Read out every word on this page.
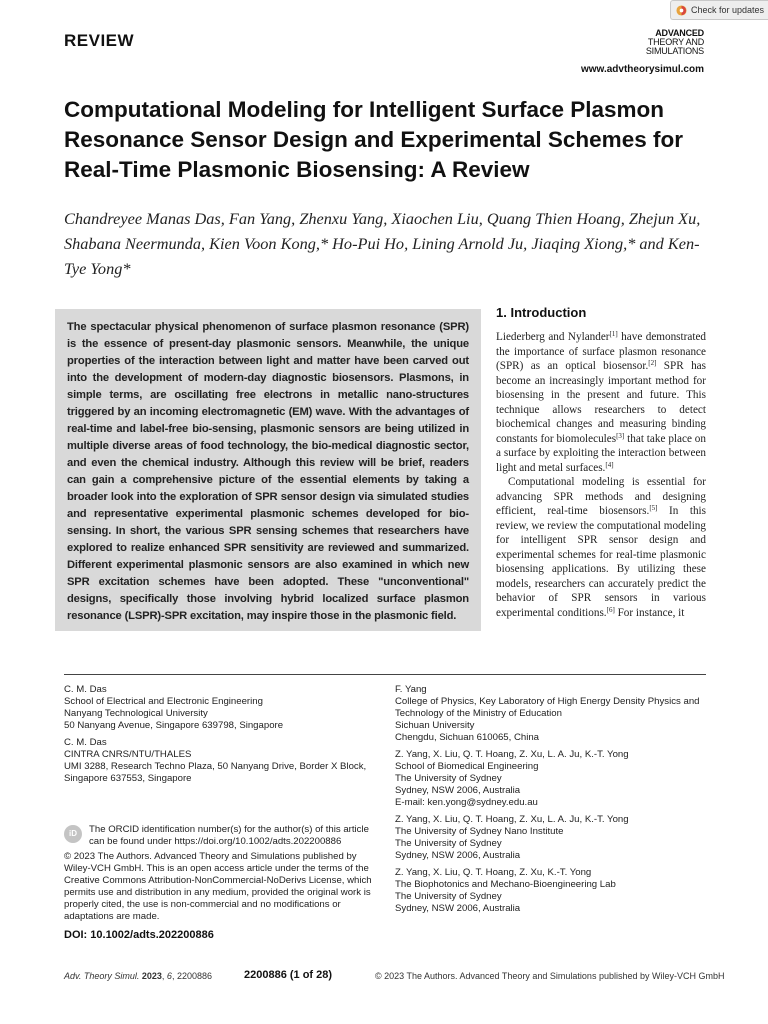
Check for updates
REVIEW	ADVANCED
THEORY AND
SIMULATIONS
www.advtheorysimul.com
Computational Modeling for Intelligent Surface Plasmon Resonance Sensor Design and Experimental Schemes for Real-Time Plasmonic Biosensing: A Review
Chandreyee Manas Das, Fan Yang, Zhenxu Yang, Xiaochen Liu, Quang Thien Hoang, Zhejun Xu, Shabana Neermunda, Kien Voon Kong,* Ho-Pui Ho, Lining Arnold Ju, Jiaqing Xiong,* and Ken-Tye Yong*
The spectacular physical phenomenon of surface plasmon resonance (SPR) is the essence of present-day plasmonic sensors. Meanwhile, the unique properties of the interaction between light and matter have been carved out into the development of modern-day diagnostic biosensors. Plasmons, in simple terms, are oscillating free electrons in metallic nano-structures triggered by an incoming electromagnetic (EM) wave. With the advantages of real-time and label-free bio-sensing, plasmonic sensors are being utilized in multiple diverse areas of food technology, the bio-medical diagnostic sector, and even the chemical industry. Although this review will be brief, readers can gain a comprehensive picture of the essential elements by taking a broader look into the exploration of SPR sensor design via simulated studies and representative experimental plasmonic schemes developed for bio-sensing. In short, the various SPR sensing schemes that researchers have explored to realize enhanced SPR sensitivity are reviewed and summarized. Different experimental plasmonic sensors are also examined in which new SPR excitation schemes have been adopted. These "unconventional" designs, specifically those involving hybrid localized surface plasmon resonance (LSPR)-SPR excitation, may inspire those in the plasmonic field.
1. Introduction

Liederberg and Nylander[1] have demonstrated the importance of surface plasmon resonance (SPR) as an optical biosensor.[2] SPR has become an increasingly important method for biosensing in the present and future. This technique allows researchers to detect biochemical changes and measuring binding constants for biomolecules[3] that take place on a surface by exploiting the interaction between light and metal surfaces.[4]

Computational modeling is essential for advancing SPR methods and designing efficient, real-time biosensors.[5] In this review, we review the computational modeling for intelligent SPR sensor design and experimental schemes for real-time plasmonic biosensing applications. By utilizing these models, researchers can accurately predict the behavior of SPR sensors in various experimental conditions.[6] For instance, it

C. M. Das
School of Electrical and Electronic Engineering
Nanyang Technological University
50 Nanyang Avenue, Singapore 639798, Singapore
C. M. Das
CINTRA CNRS/NTU/THALES
UMI 3288, Research Techno Plaza, 50 Nanyang Drive, Border X Block,
Singapore 637553, Singapore
F. Yang
College of Physics, Key Laboratory of High Energy Density Physics and
Technology of the Ministry of Education
Sichuan University
Chengdu, Sichuan 610065, China
Z. Yang, X. Liu, Q. T. Hoang, Z. Xu, L. A. Ju, K.-T. Yong
School of Biomedical Engineering
The University of Sydney
Sydney, NSW 2006, Australia
E-mail: ken.yong@sydney.edu.au
Z. Yang, X. Liu, Q. T. Hoang, Z. Xu, L. A. Ju, K.-T. Yong
The University of Sydney Nano Institute
The University of Sydney
Sydney, NSW 2006, Australia
Z. Yang, X. Liu, Q. T. Hoang, Z. Xu, K.-T. Yong
The Biophotonics and Mechano-Bioengineering Lab
The University of Sydney
Sydney, NSW 2006, Australia
iD	The ORCID identification number(s) for the author(s) of this article can be found under https://doi.org/10.1002/adts.202200886
© 2023 The Authors. Advanced Theory and Simulations published by Wiley-VCH GmbH. This is an open access article under the terms of the Creative Commons Attribution-NonCommercial-NoDerivs License, which permits use and distribution in any medium, provided the original work is properly cited, the use is non-commercial and no modifications or adaptations are made.
DOI: 10.1002/adts.202200886
Adv. Theory Simul. 2023, 6, 2200886	2200886 (1 of 28)	© 2023 The Authors. Advanced Theory and Simulations published by Wiley-VCH GmbH
